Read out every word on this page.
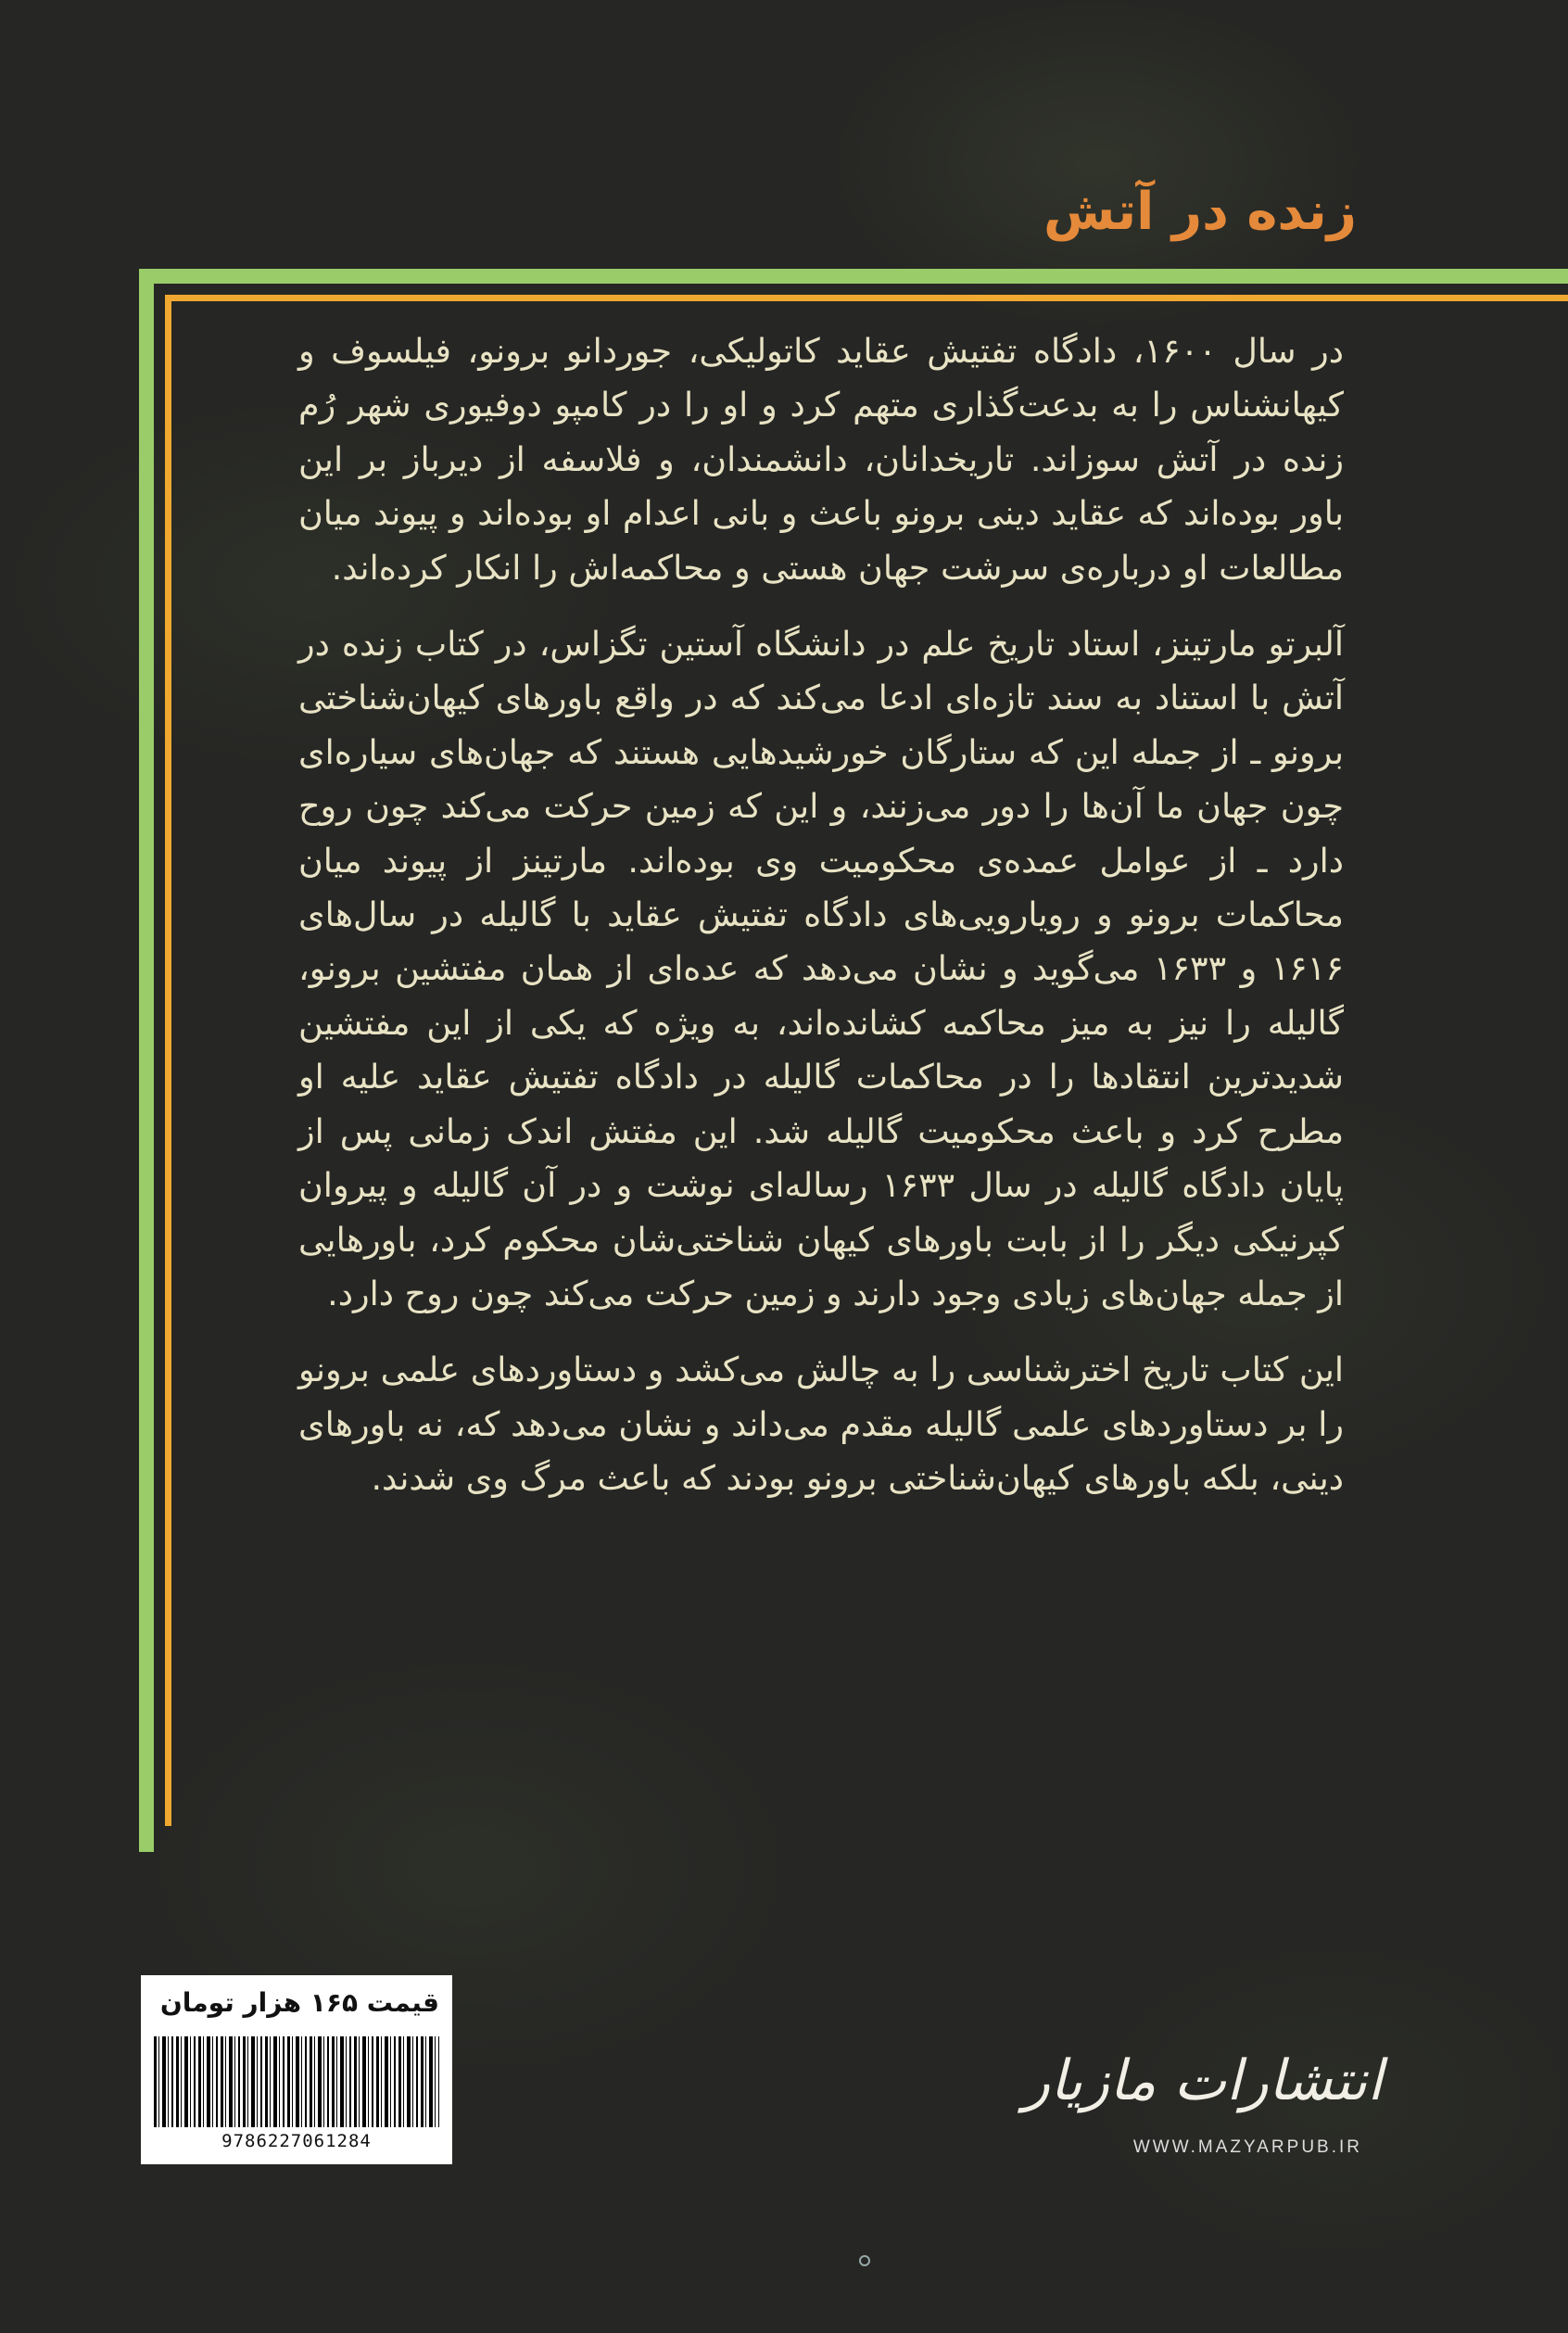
زنده در آتش

در سال ۱۶۰۰، دادگاه تفتیش عقاید کاتولیکی، جوردانو برونو، فیلسوف و کیهانشناس را به بدعت‌گذاری متهم کرد و او را در کامپو دوفیوری شهر رُم زنده در آتش سوزاند. تاریخدانان، دانشمندان، و فلاسفه از دیرباز بر این باور بوده‌اند که عقاید دینی برونو باعث و بانی اعدام او بوده‌اند و پیوند میان مطالعات او درباره‌ی سرشت جهان هستی و محاکمه‌اش را انکار کرده‌اند.

آلبرتو مارتینز، استاد تاریخ علم در دانشگاه آستین تگزاس، در کتاب زنده در آتش با استناد به سند تازه‌ای ادعا می‌کند که در واقع باورهای کیهان‌شناختی برونو ـ از جمله این که ستارگان خورشیدهایی هستند که جهان‌های سیاره‌ای چون جهان ما آن‌ها را دور می‌زنند، و این که زمین حرکت می‌کند چون روح دارد ـ از عوامل عمده‌ی محکومیت وی بوده‌اند. مارتینز از پیوند میان محاکمات برونو و رویارویی‌های دادگاه تفتیش عقاید با گالیله در سال‌های ۱۶۱۶ و ۱۶۳۳ می‌گوید و نشان می‌دهد که عده‌ای از همان مفتشین برونو، گالیله را نیز به میز محاکمه کشانده‌اند، به ویژه که یکی از این مفتشین شدیدترین انتقادها را در محاکمات گالیله در دادگاه تفتیش عقاید علیه او مطرح کرد و باعث محکومیت گالیله شد. این مفتش اندک زمانی پس از پایان دادگاه گالیله در سال ۱۶۳۳ رساله‌ای نوشت و در آن گالیله و پیروان کپرنیکی دیگر را از بابت باورهای کیهان شناختی‌شان محکوم کرد، باورهایی از جمله جهان‌های زیادی وجود دارند و زمین حرکت می‌کند چون روح دارد.

این کتاب تاریخ اخترشناسی را به چالش می‌کشد و دستاوردهای علمی برونو را بر دستاوردهای علمی گالیله مقدم می‌داند و نشان می‌دهد که، نه باورهای دینی، بلکه باورهای کیهان‌شناختی برونو بودند که باعث مرگ وی شدند.

قیمت ۱۶۵ هزار تومان
9786227061284
انتشارات مازیار
WWW.MAZYARPUB.IR
